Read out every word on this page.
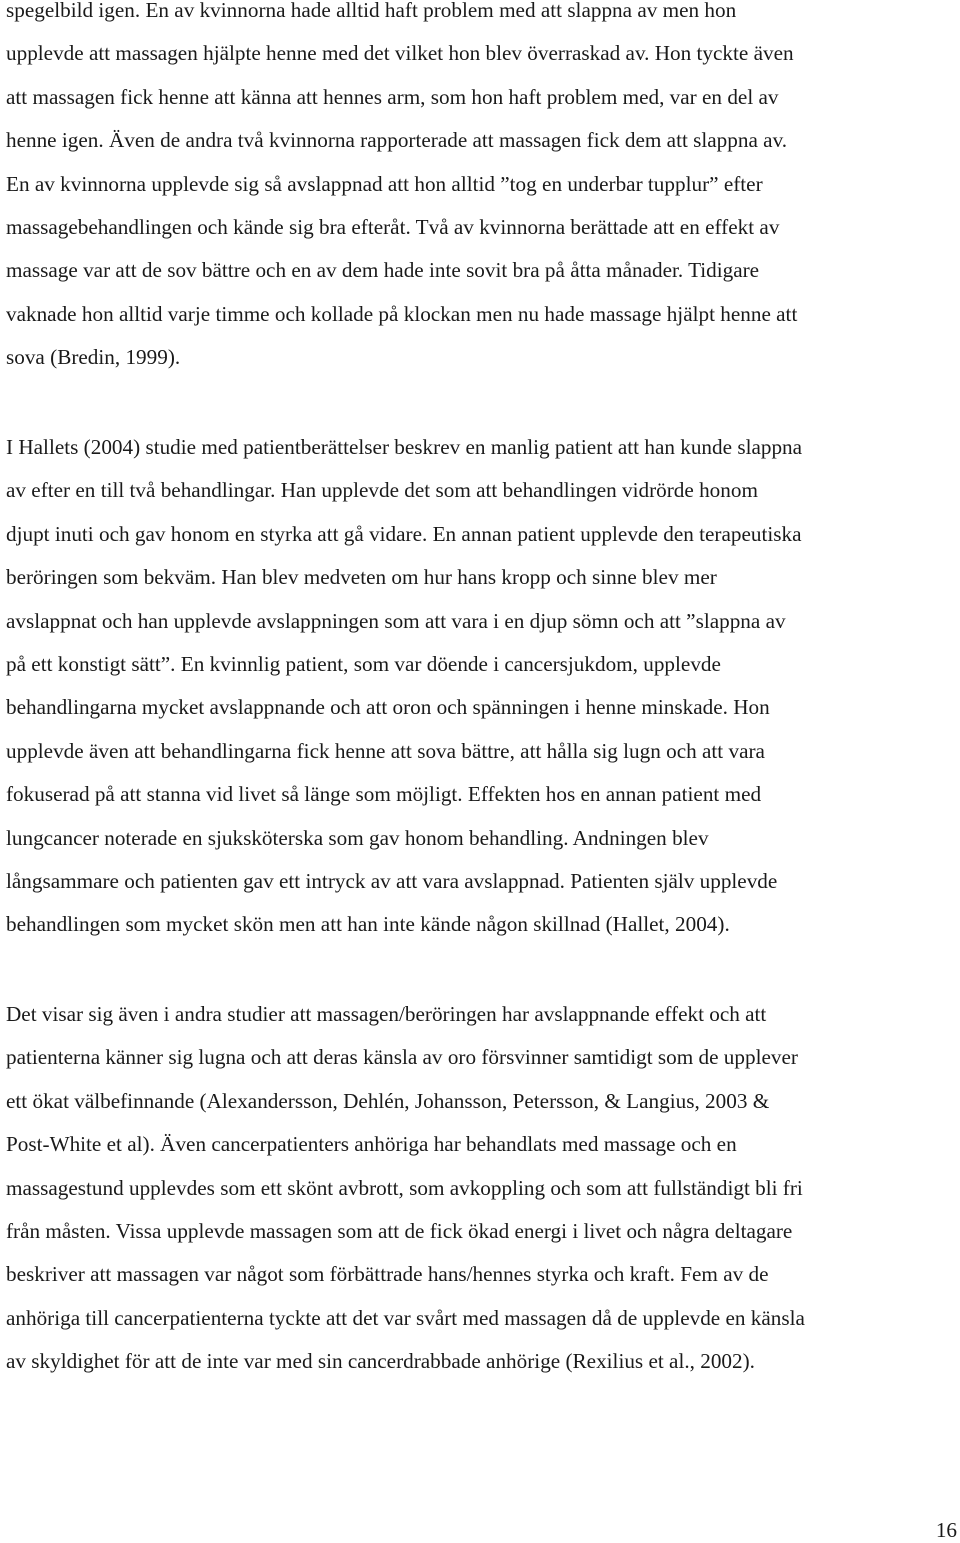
spegelbild igen. En av kvinnorna hade alltid haft problem med att slappna av men hon
upplevde att massagen hjälpte henne med det vilket hon blev överraskad av. Hon tyckte även
att massagen fick henne att känna att hennes arm, som hon haft problem med, var en del av
henne igen. Även de andra två kvinnorna rapporterade att massagen fick dem att slappna av.
En av kvinnorna upplevde sig så avslappnad att hon alltid ”tog en underbar tupplur” efter
massagebehandlingen och kände sig bra efteråt. Två av kvinnorna berättade att en effekt av
massage var att de sov bättre och en av dem hade inte sovit bra på åtta månader. Tidigare
vaknade hon alltid varje timme och kollade på klockan men nu hade massage hjälpt henne att
sova (Bredin, 1999).

I Hallets (2004) studie med patientberättelser beskrev en manlig patient att han kunde slappna
av efter en till två behandlingar. Han upplevde det som att behandlingen vidrörde honom
djupt inuti och gav honom en styrka att gå vidare. En annan patient upplevde den terapeutiska
beröringen som bekväm. Han blev medveten om hur hans kropp och sinne blev mer
avslappnat och han upplevde avslappningen som att vara i en djup sömn och att ”slappna av
på ett konstigt sätt”. En kvinnlig patient, som var döende i cancersjukdom, upplevde
behandlingarna mycket avslappnande och att oron och spänningen i henne minskade. Hon
upplevde även att behandlingarna fick henne att sova bättre, att hålla sig lugn och att vara
fokuserad på att stanna vid livet så länge som möjligt. Effekten hos en annan patient med
lungcancer noterade en sjuksköterska som gav honom behandling. Andningen blev
långsammare och patienten gav ett intryck av att vara avslappnad. Patienten själv upplevde
behandlingen som mycket skön men att han inte kände någon skillnad (Hallet, 2004).

Det visar sig även i andra studier att massagen/beröringen har avslappnande effekt och att
patienterna känner sig lugna och att deras känsla av oro försvinner samtidigt som de upplever
ett ökat välbefinnande (Alexandersson, Dehlén, Johansson, Petersson, & Langius, 2003 &
Post-White et al). Även cancerpatienters anhöriga har behandlats med massage och en
massagestund upplevdes som ett skönt avbrott, som avkoppling och som att fullständigt bli fri
från måsten. Vissa upplevde massagen som att de fick ökad energi i livet och några deltagare
beskriver att massagen var något som förbättrade hans/hennes styrka och kraft. Fem av de
anhöriga till cancerpatienterna tyckte att det var svårt med massagen då de upplevde en känsla
av skyldighet för att de inte var med sin cancerdrabbade anhörige (Rexilius et al., 2002).

16
